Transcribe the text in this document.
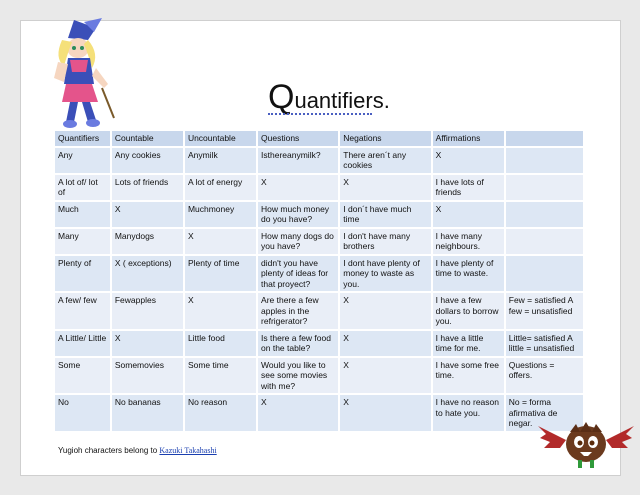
Quantifiers.
Quantifiers	Countable	Uncountable	Questions	Negations	Affirmations	
Any	Any cookies	Anymilk	Isthereanymilk?	There aren´t any cookies	X	
A lot of/ lot of	Lots of friends	A lot of energy	X	X	I have lots of friends	
Much	X	Muchmoney	How much money do you have?	I don´t have much time	X	
Many	Manydogs	X	How many dogs do you have?	I don't have many brothers	I have many neighbours.	
Plenty of	X ( exceptions)	Plenty of time	didn't you have plenty of ideas for that proyect?	I dont have plenty of money to waste as you.	I have plenty of time to waste.	
A few/ few	Fewapples	X	Are there a few apples in the refrigerator?	X	I have a few dollars to borrow you.	Few = satisfied A few = unsatisfied
A Little/ Little	X	Little food	Is there a few food on the table?	X	I have a little time for me.	Little= satisfied A little = unsatisfied
Some	Somemovies	Some time	Would you like to see some movies with me?	X	I have some free time.	Questions = offers.
No	No bananas	No reason	X	X	I have no reason to hate you.	No = forma afirmativa de negar.
Yugioh characters belong to Kazuki Takahashi
